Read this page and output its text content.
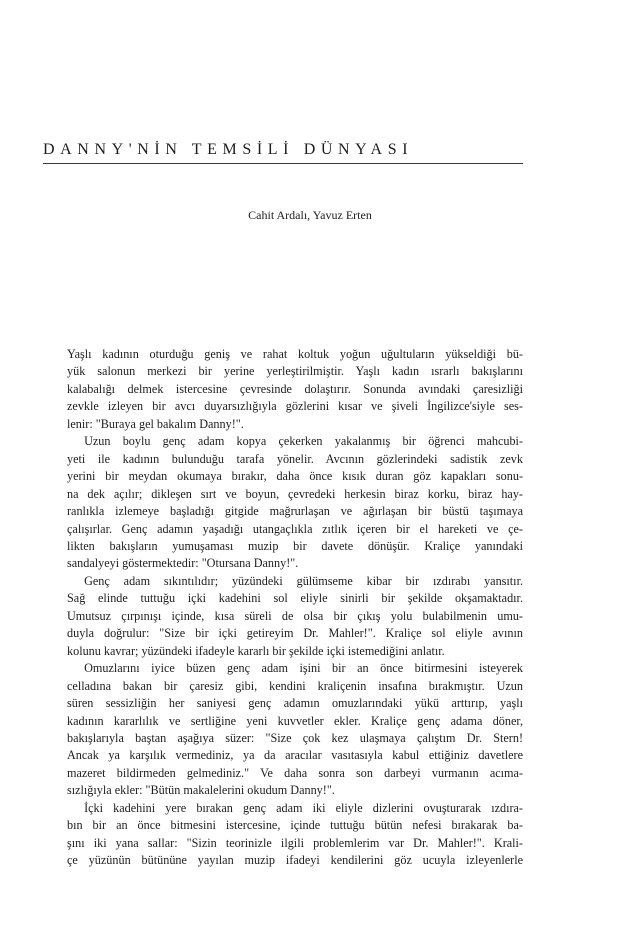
DANNY'NİN TEMSİLİ DÜNYASI
Cahit Ardalı, Yavuz Erten

Yaşlı kadının oturduğu geniş ve rahat koltuk yoğun uğultuların yükseldiği bü-
yük salonun merkezi bir yerine yerleştirilmiştir. Yaşlı kadın ısrarlı bakışlarını
kalabalığı delmek istercesine çevresinde dolaştırır. Sonunda avındaki çaresizliği
zevkle izleyen bir avcı duyarsızlığıyla gözlerini kısar ve şiveli İngilizce'siyle ses-
lenir: "Buraya gel bakalım Danny!".

Uzun boylu genç adam kopya çekerken yakalanmış bir öğrenci mahcubi-
yeti ile kadının bulunduğu tarafa yönelir. Avcının gözlerindeki sadistik zevk
yerini bir meydan okumaya bırakır, daha önce kısık duran göz kapakları sonu-
na dek açılır; dikleşen sırt ve boyun, çevredeki herkesin biraz korku, biraz hay-
ranlıkla izlemeye başladığı gitgide mağrurlaşan ve ağırlaşan bir büstü taşımaya
çalışırlar. Genç adamın yaşadığı utangaçlıkla zıtlık içeren bir el hareketi ve çe-
likten bakışların yumuşaması muzip bir davete dönüşür. Kraliçe yanındaki
sandalyeyi göstermektedir: "Otursana Danny!".

Genç adam sıkıntılıdır; yüzündeki gülümseme kibar bir ızdırabı yansıtır.
Sağ elinde tuttuğu içki kadehini sol eliyle sinirli bir şekilde okşamaktadır.
Umutsuz çırpınışı içinde, kısa süreli de olsa bir çıkış yolu bulabilmenin umu-
duyla doğrulur: "Size bir içki getireyim Dr. Mahler!". Kraliçe sol eliyle avının
kolunu kavrar; yüzündeki ifadeyle kararlı bir şekilde içki istemediğini anlatır.

Omuzlarını iyice büzen genç adam işini bir an önce bitirmesini isteyerek
celladına bakan bir çaresiz gibi, kendini kraliçenin insafına bırakmıştır. Uzun
süren sessizliğin her saniyesi genç adamın omuzlarındaki yükü arttırıp, yaşlı
kadının kararlılık ve sertliğine yeni kuvvetler ekler. Kraliçe genç adama döner,
bakışlarıyla baştan aşağıya süzer: "Size çok kez ulaşmaya çalıştım Dr. Stern!
Ancak ya karşılık vermediniz, ya da aracılar vasıtasıyla kabul ettiğiniz davetlere
mazeret bildirmeden gelmediniz." Ve daha sonra son darbeyi vurmanın acıma-
sızlığıyla ekler: "Bütün makalelerini okudum Danny!".

İçki kadehini yere bırakan genç adam iki eliyle dizlerini ovuşturarak ızdıra-
bın bir an önce bitmesini istercesine, içinde tuttuğu bütün nefesi bırakarak ba-
şını iki yana sallar: "Sizin teorinizle ilgili problemlerim var Dr. Mahler!". Krali-
çe yüzünün bütününe yayılan muzip ifadeyi kendilerini göz ucuyla izleyenlerle
